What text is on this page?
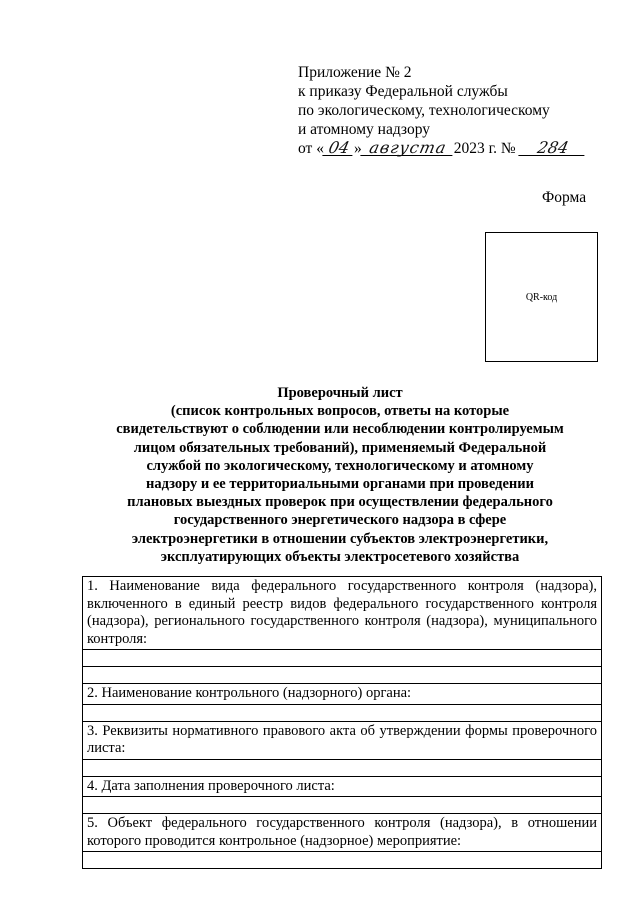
Приложение № 2
к приказу Федеральной службы
по экологическому, технологическому
и атомному надзору
от « 04 » августа 2023 г. № 284
Форма
QR-код
Проверочный лист
(список контрольных вопросов, ответы на которые
свидетельствуют о соблюдении или несоблюдении контролируемым
лицом обязательных требований), применяемый Федеральной
службой по экологическому, технологическому и атомному
надзору и ее территориальными органами при проведении
плановых выездных проверок при осуществлении федерального
государственного энергетического надзора в сфере
электроэнергетики в отношении субъектов электроэнергетики,
эксплуатирующих объекты электросетевого хозяйства
1. Наименование вида федерального государственного контроля (надзора), включенного в единый реестр видов федерального государственного контроля (надзора), регионального государственного контроля (надзора), муниципального контроля:

2. Наименование контрольного (надзорного) органа:

3. Реквизиты нормативного правового акта об утверждении формы проверочного листа:

4. Дата заполнения проверочного листа:

5. Объект федерального государственного контроля (надзора), в отношении которого проводится контрольное (надзорное) мероприятие:
